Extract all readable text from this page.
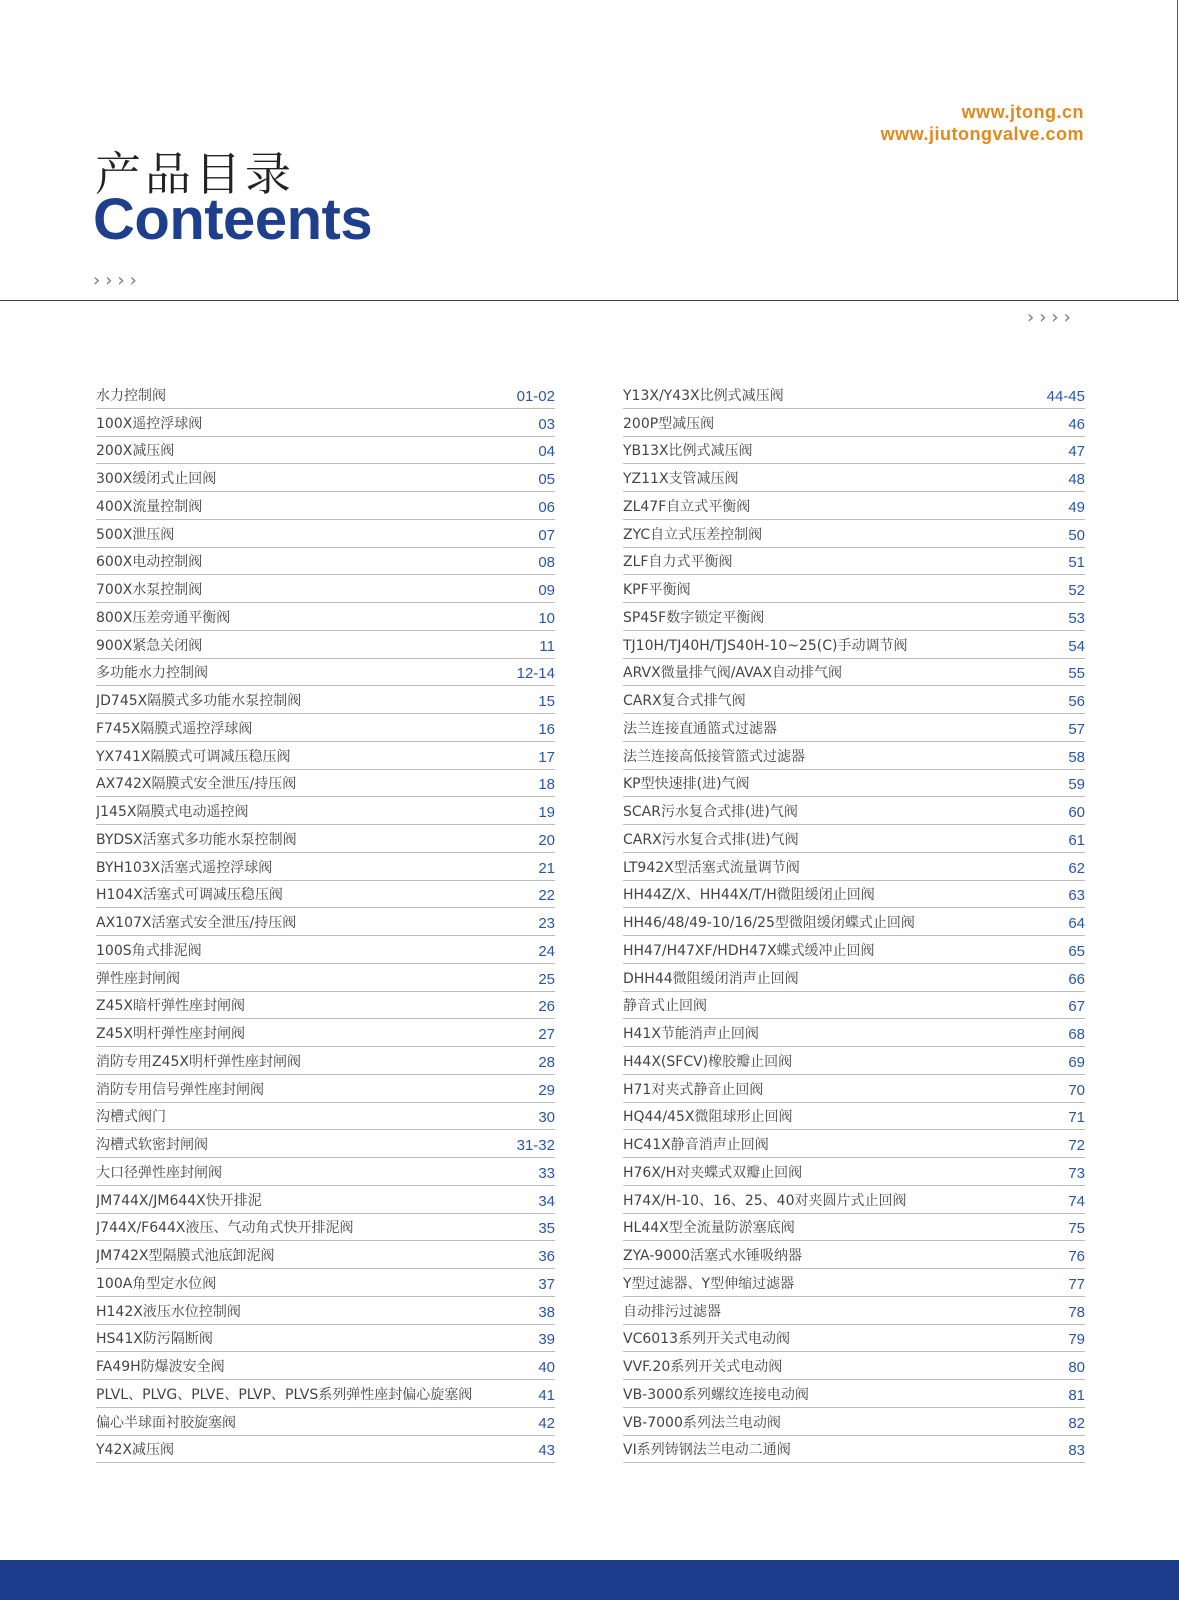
www.jtong.cn
www.jiutongvalve.com
产品目录
Conteents
››››
››››
水力控制阀	01-02
100X遥控浮球阀	03
200X减压阀	04
300X缓闭式止回阀	05
400X流量控制阀	06
500X泄压阀	07
600X电动控制阀	08
700X水泵控制阀	09
800X压差旁通平衡阀	10
900X紧急关闭阀	11
多功能水力控制阀	12-14
JD745X隔膜式多功能水泵控制阀	15
F745X隔膜式遥控浮球阀	16
YX741X隔膜式可调减压稳压阀	17
AX742X隔膜式安全泄压/持压阀	18
J145X隔膜式电动遥控阀	19
BYDSX活塞式多功能水泵控制阀	20
BYH103X活塞式遥控浮球阀	21
H104X活塞式可调减压稳压阀	22
AX107X活塞式安全泄压/持压阀	23
100S角式排泥阀	24
弹性座封闸阀	25
Z45X暗杆弹性座封闸阀	26
Z45X明杆弹性座封闸阀	27
消防专用Z45X明杆弹性座封闸阀	28
消防专用信号弹性座封闸阀	29
沟槽式阀门	30
沟槽式软密封闸阀	31-32
大口径弹性座封闸阀	33
JM744X/JM644X快开排泥	34
J744X/F644X液压、气动角式快开排泥阀	35
JM742X型隔膜式池底卸泥阀	36
100A角型定水位阀	37
H142X液压水位控制阀	38
HS41X防污隔断阀	39
FA49H防爆波安全阀	40
PLVL、PLVG、PLVE、PLVP、PLVS系列弹性座封偏心旋塞阀	41
偏心半球面衬胶旋塞阀	42
Y42X减压阀	43
Y13X/Y43X比例式减压阀	44-45
200P型减压阀	46
YB13X比例式减压阀	47
YZ11X支管减压阀	48
ZL47F自立式平衡阀	49
ZYC自立式压差控制阀	50
ZLF自力式平衡阀	51
KPF平衡阀	52
SP45F数字锁定平衡阀	53
TJ10H/TJ40H/TJS40H-10~25(C)手动调节阀	54
ARVX微量排气阀/AVAX自动排气阀	55
CARX复合式排气阀	56
法兰连接直通篮式过滤器	57
法兰连接高低接管篮式过滤器	58
KP型快速排(进)气阀	59
SCAR污水复合式排(进)气阀	60
CARX污水复合式排(进)气阀	61
LT942X型活塞式流量调节阀	62
HH44Z/X、HH44X/T/H微阻缓闭止回阀	63
HH46/48/49-10/16/25型微阻缓闭蝶式止回阀	64
HH47/H47XF/HDH47X蝶式缓冲止回阀	65
DHH44微阻缓闭消声止回阀	66
静音式止回阀	67
H41X节能消声止回阀	68
H44X(SFCV)橡胶瓣止回阀	69
H71对夹式静音止回阀	70
HQ44/45X微阻球形止回阀	71
HC41X静音消声止回阀	72
H76X/H对夹蝶式双瓣止回阀	73
H74X/H-10、16、25、40对夹圆片式止回阀	74
HL44X型全流量防淤塞底阀	75
ZYA-9000活塞式水锤吸纳器	76
Y型过滤器、Y型伸缩过滤器	77
自动排污过滤器	78
VC6013系列开关式电动阀	79
VVF.20系列开关式电动阀	80
VB-3000系列螺纹连接电动阀	81
VB-7000系列法兰电动阀	82
VI系列铸钢法兰电动二通阀	83
